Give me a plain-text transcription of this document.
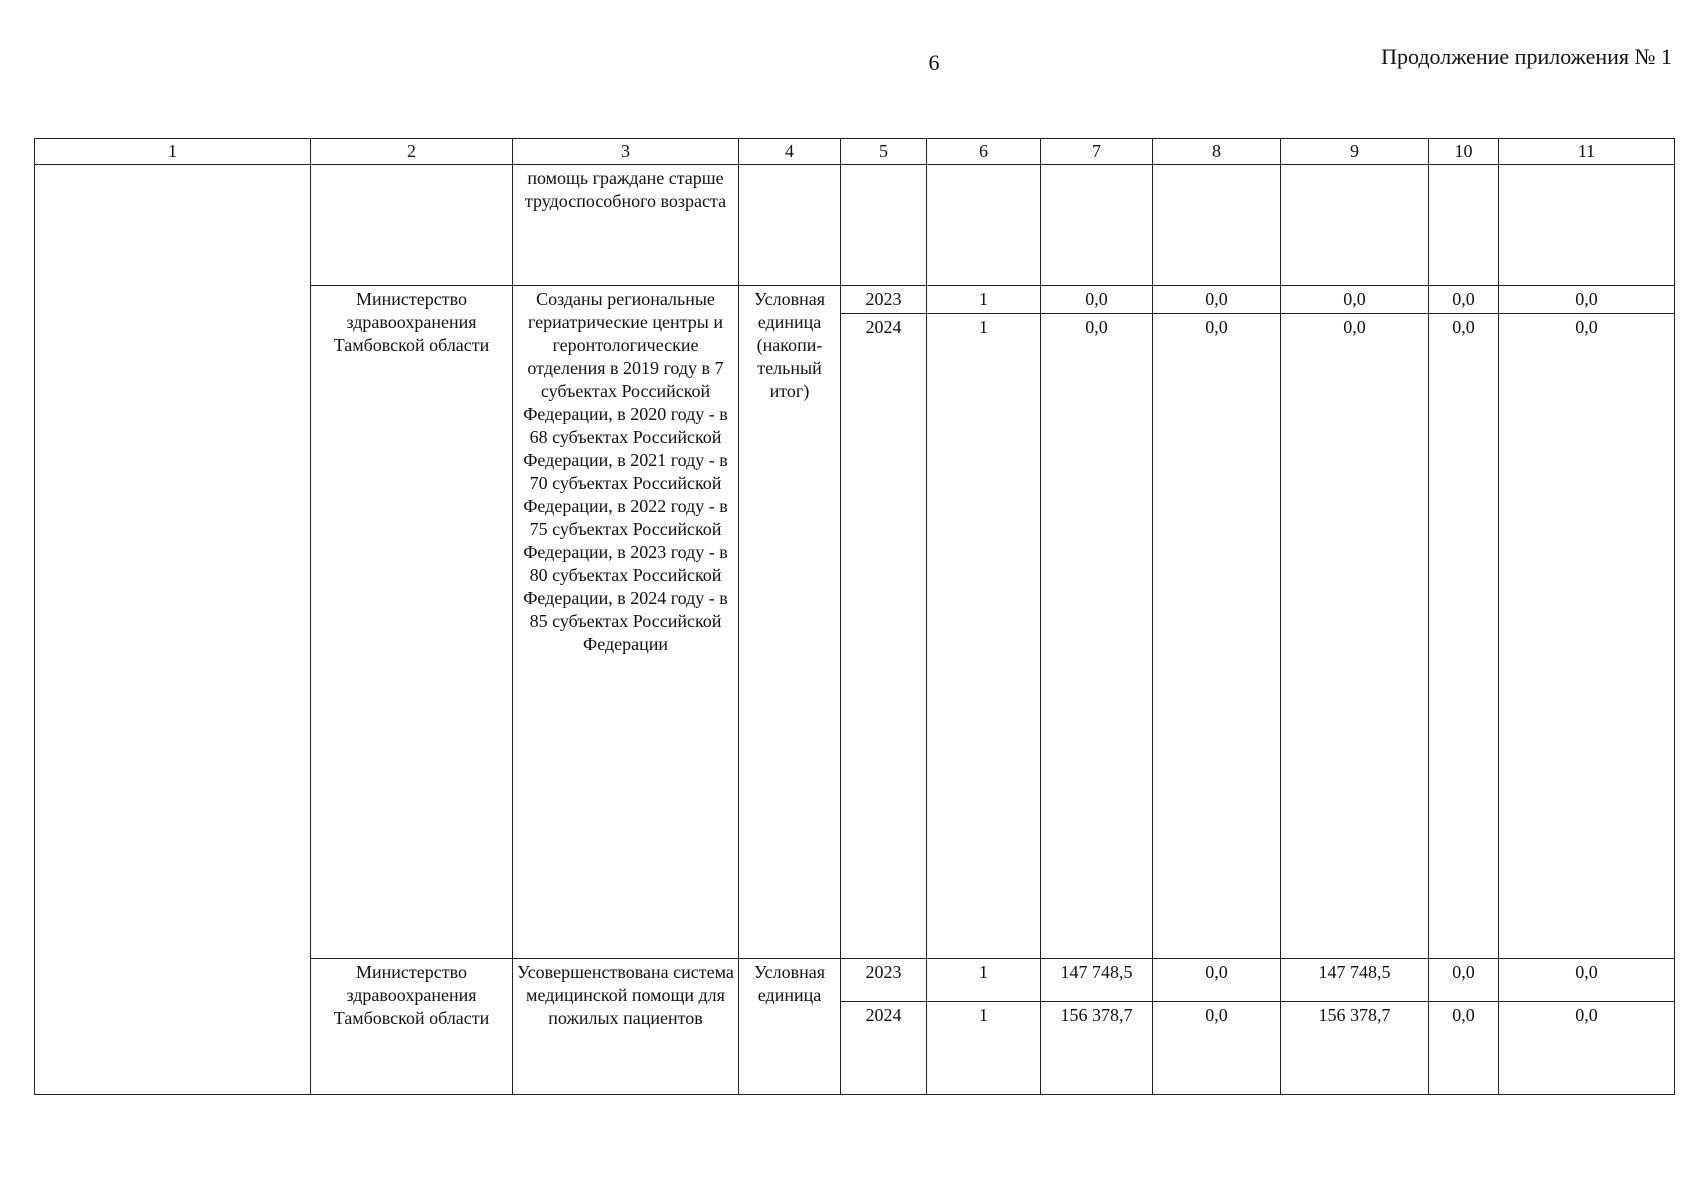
6	Продолжение приложения № 1
1	2	3	4	5	6	7	8	9	10	11
		помощь граждане старше трудоспособного возраста								
	Министерство здравоохранения Тамбовской области	Созданы региональные гериатрические центры и геронтологические отделения в 2019 году в 7 субъектах Российской Федерации, в 2020 году - в 68 субъектах Российской Федерации, в 2021 году - в 70 субъектах Российской Федерации, в 2022 году - в 75 субъектах Российской Федерации, в 2023 году - в 80 субъектах Российской Федерации, в 2024 году - в 85 субъектах Российской Федерации	Условная единица (накопи-тельный итог)	2023	1	0,0	0,0	0,0	0,0	0,0
				2024	1	0,0	0,0	0,0	0,0	0,0
	Министерство здравоохранения Тамбовской области	Усовершенствована система медицинской помощи для пожилых пациентов	Условная единица	2023	1	147 748,5	0,0	147 748,5	0,0	0,0
				2024	1	156 378,7	0,0	156 378,7	0,0	0,0
